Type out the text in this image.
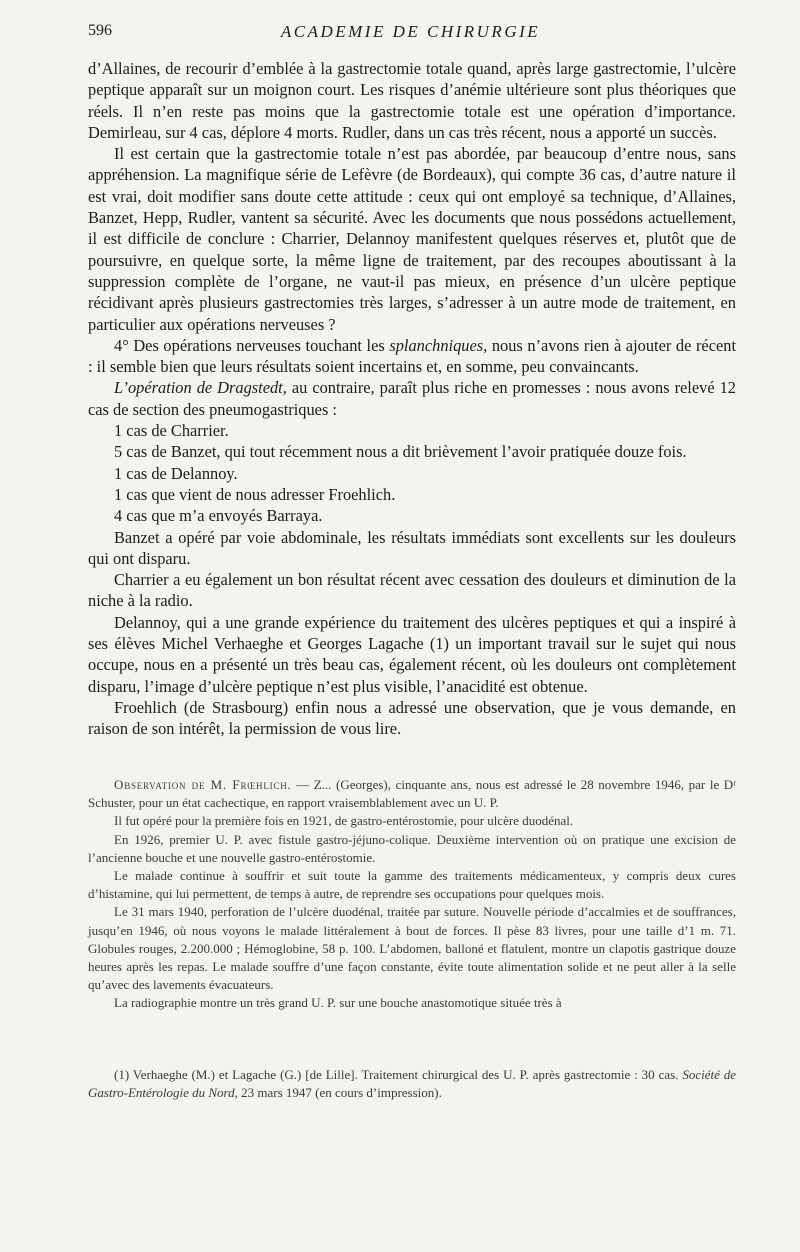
596	ACADEMIE DE CHIRURGIE

d’Allaines, de recourir d’emblée à la gastrectomie totale quand, après large gastrectomie, l’ulcère peptique apparaît sur un moignon court. Les risques d’anémie ultérieure sont plus théoriques que réels. Il n’en reste pas moins que la gastrectomie totale est une opération d’importance. Demirleau, sur 4 cas, déplore 4 morts. Rudler, dans un cas très récent, nous a apporté un succès.

Il est certain que la gastrectomie totale n’est pas abordée, par beaucoup d’entre nous, sans appréhension. La magnifique série de Lefèvre (de Bordeaux), qui compte 36 cas, d’autre nature il est vrai, doit modifier sans doute cette attitude : ceux qui ont employé sa technique, d’Allaines, Banzet, Hepp, Rudler, vantent sa sécurité. Avec les documents que nous possédons actuellement, il est difficile de conclure : Charrier, Delannoy manifestent quelques réserves et, plutôt que de poursuivre, en quelque sorte, la même ligne de traitement, par des recoupes aboutissant à la suppression complète de l’organe, ne vaut-il pas mieux, en présence d’un ulcère peptique récidivant après plusieurs gastrectomies très larges, s’adresser à un autre mode de traitement, en particulier aux opérations nerveuses ?

4° Des opérations nerveuses touchant les splanchniques, nous n’avons rien à ajouter de récent : il semble bien que leurs résultats soient incertains et, en somme, peu convaincants.

L’opération de Dragstedt, au contraire, paraît plus riche en promesses : nous avons relevé 12 cas de section des pneumogastriques :

1 cas de Charrier.

5 cas de Banzet, qui tout récemment nous a dit brièvement l’avoir pratiquée douze fois.

1 cas de Delannoy.

1 cas que vient de nous adresser Froehlich.

4 cas que m’a envoyés Barraya.

Banzet a opéré par voie abdominale, les résultats immédiats sont excellents sur les douleurs qui ont disparu.

Charrier a eu également un bon résultat récent avec cessation des douleurs et diminution de la niche à la radio.

Delannoy, qui a une grande expérience du traitement des ulcères peptiques et qui a inspiré à ses élèves Michel Verhaeghe et Georges Lagache (1) un important travail sur le sujet qui nous occupe, nous en a présenté un très beau cas, également récent, où les douleurs ont complètement disparu, l’image d’ulcère peptique n’est plus visible, l’anacidité est obtenue.

Froehlich (de Strasbourg) enfin nous a adressé une observation, que je vous demande, en raison de son intérêt, la permission de vous lire.

Observation de M. Frœhlich. — Z... (Georges), cinquante ans, nous est adressé le 28 novembre 1946, par le Dʳ Schuster, pour un état cachectique, en rapport vraisemblablement avec un U. P.

Il fut opéré pour la première fois en 1921, de gastro-entérostomie, pour ulcère duodénal.

En 1926, premier U. P. avec fistule gastro-jéjuno-colique. Deuxième intervention où on pratique une excision de l’ancienne bouche et une nouvelle gastro-entérostomie.

Le malade continue à souffrir et suit toute la gamme des traitements médicamenteux, y compris deux cures d’histamine, qui lui permettent, de temps à autre, de reprendre ses occupations pour quelques mois.

Le 31 mars 1940, perforation de l’ulcère duodénal, traitée par suture. Nouvelle période d’accalmies et de souffrances, jusqu’en 1946, où nous voyons le malade littéralement à bout de forces. Il pèse 83 livres, pour une taille d’1 m. 71. Globules rouges, 2.200.000 ; Hémoglobine, 58 p. 100. L’abdomen, balloné et flatulent, montre un clapotis gastrique douze heures après les repas. Le malade souffre d’une façon constante, évite toute alimentation solide et ne peut aller à la selle qu’avec des lavements évacuateurs.

La radiographie montre un très grand U. P. sur une bouche anastomotique située très à

(1) Verhaeghe (M.) et Lagache (G.) [de Lille]. Traitement chirurgical des U. P. après gastrectomie : 30 cas. Société de Gastro-Entérologie du Nord, 23 mars 1947 (en cours d’impression).
